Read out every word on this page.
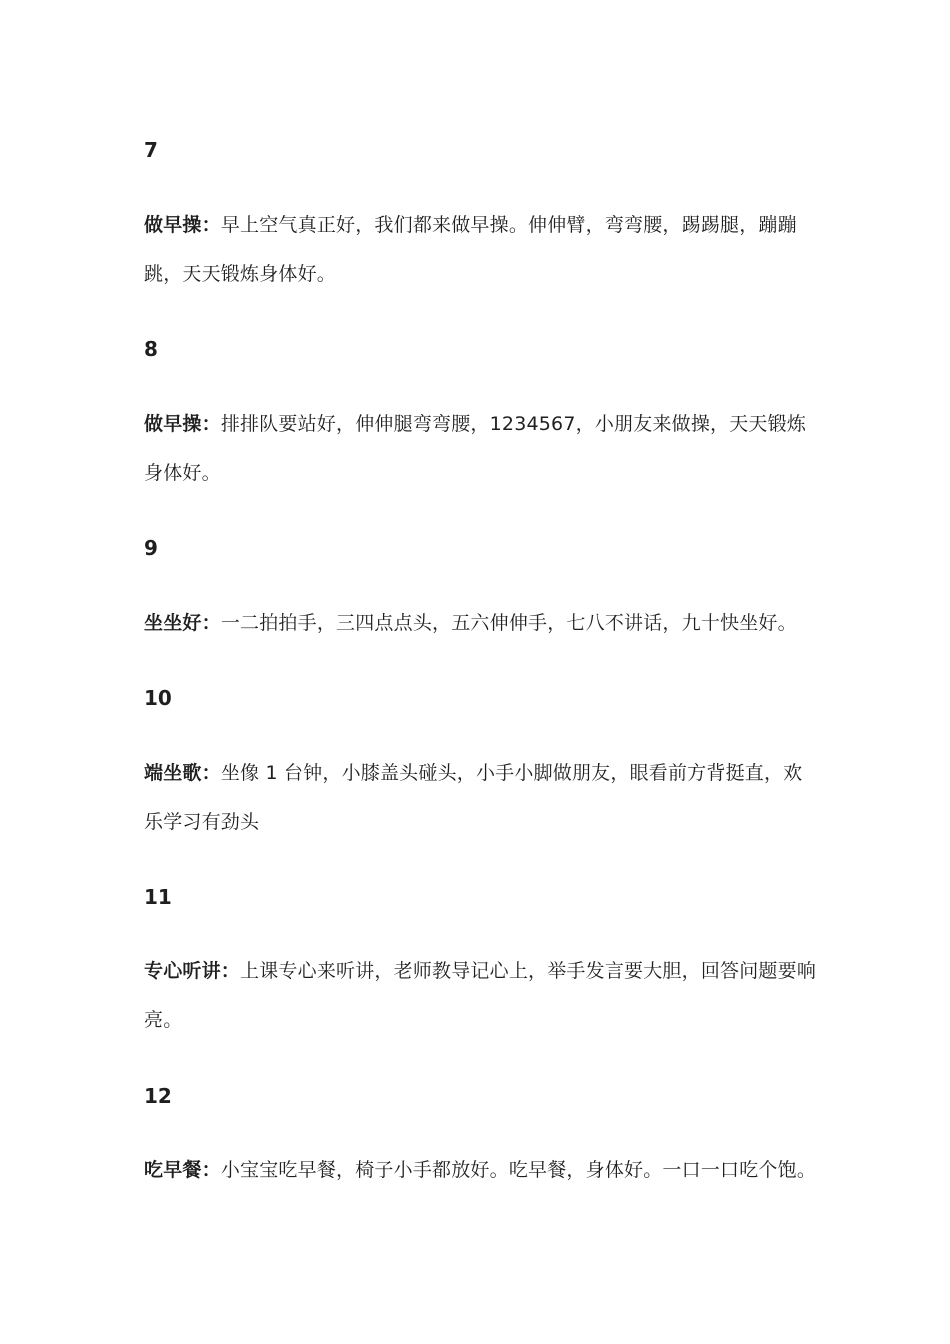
7

做早操：早上空气真正好，我们都来做早操。伸伸臂，弯弯腰，踢踢腿，蹦蹦跳，天天锻炼身体好。

8

做早操：排排队要站好，伸伸腿弯弯腰，1234567，小朋友来做操，天天锻炼身体好。

9

坐坐好：一二拍拍手，三四点点头，五六伸伸手，七八不讲话，九十快坐好。

10

端坐歌：坐像 1 台钟，小膝盖头碰头，小手小脚做朋友，眼看前方背挺直，欢乐学习有劲头

11

专心听讲：上课专心来听讲，老师教导记心上，举手发言要大胆，回答问题要响亮。

12

吃早餐：小宝宝吃早餐，椅子小手都放好。吃早餐，身体好。一口一口吃个饱。
